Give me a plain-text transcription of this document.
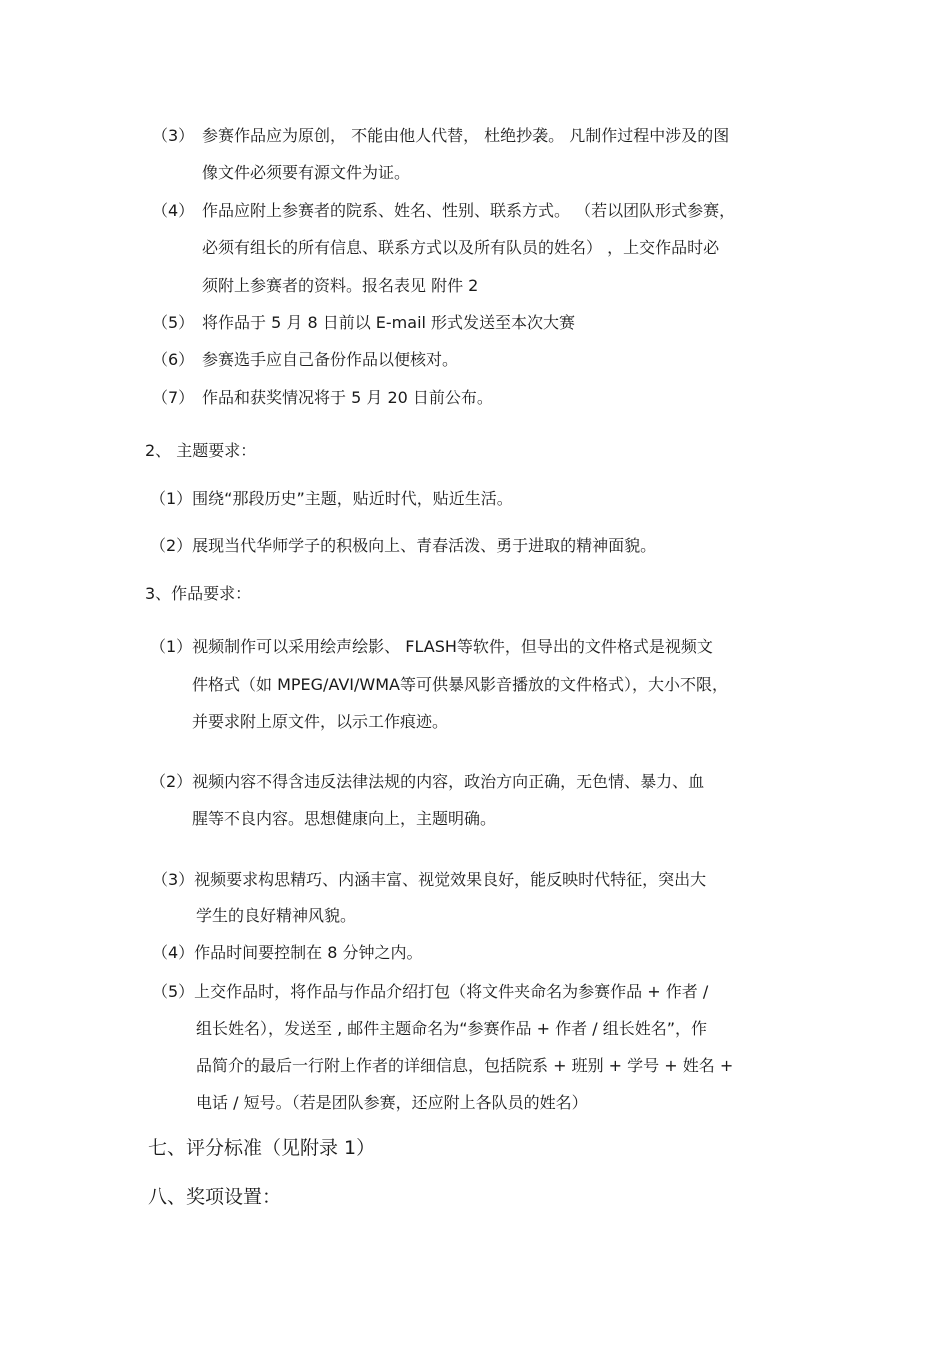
（3） 参赛作品应为原创， 不能由他人代替， 杜绝抄袭。 凡制作过程中涉及的图
像文件必须要有源文件为证。
（4） 作品应附上参赛者的院系、姓名、性别、联系方式。 （若以团队形式参赛，
必须有组长的所有信息、联系方式以及所有队员的姓名） ，上交作品时必
须附上参赛者的资料。报名表见 附件 2
（5） 将作品于 5 月 8 日前以 E-mail 形式发送至本次大赛
（6） 参赛选手应自己备份作品以便核对。
（7） 作品和获奖情况将于 5 月 20 日前公布。
2、 主题要求：
（1）围绕“那段历史”主题，贴近时代，贴近生活。
（2）展现当代华师学子的积极向上、青春活泼、勇于进取的精神面貌。
3、作品要求：
（1）视频制作可以采用绘声绘影、 FLASH等软件，但导出的文件格式是视频文
件格式（如 MPEG/AVI/WMA等可供暴风影音播放的文件格式），大小不限，
并要求附上原文件，以示工作痕迹。
（2）视频内容不得含违反法律法规的内容，政治方向正确，无色情、暴力、血
腥等不良内容。思想健康向上，主题明确。
（3）视频要求构思精巧、内涵丰富、视觉效果良好，能反映时代特征，突出大
学生的良好精神风貌。
（4）作品时间要控制在 8 分钟之内。
（5）上交作品时，将作品与作品介绍打包（将文件夹命名为参赛作品 + 作者 /
组长姓名），发送至 , 邮件主题命名为“参赛作品 + 作者 / 组长姓名”，作
品简介的最后一行附上作者的详细信息，包括院系 + 班别 + 学号 + 姓名 +
电话 / 短号。（若是团队参赛，还应附上各队员的姓名）
七、评分标准（见附录 1）
八、奖项设置：
